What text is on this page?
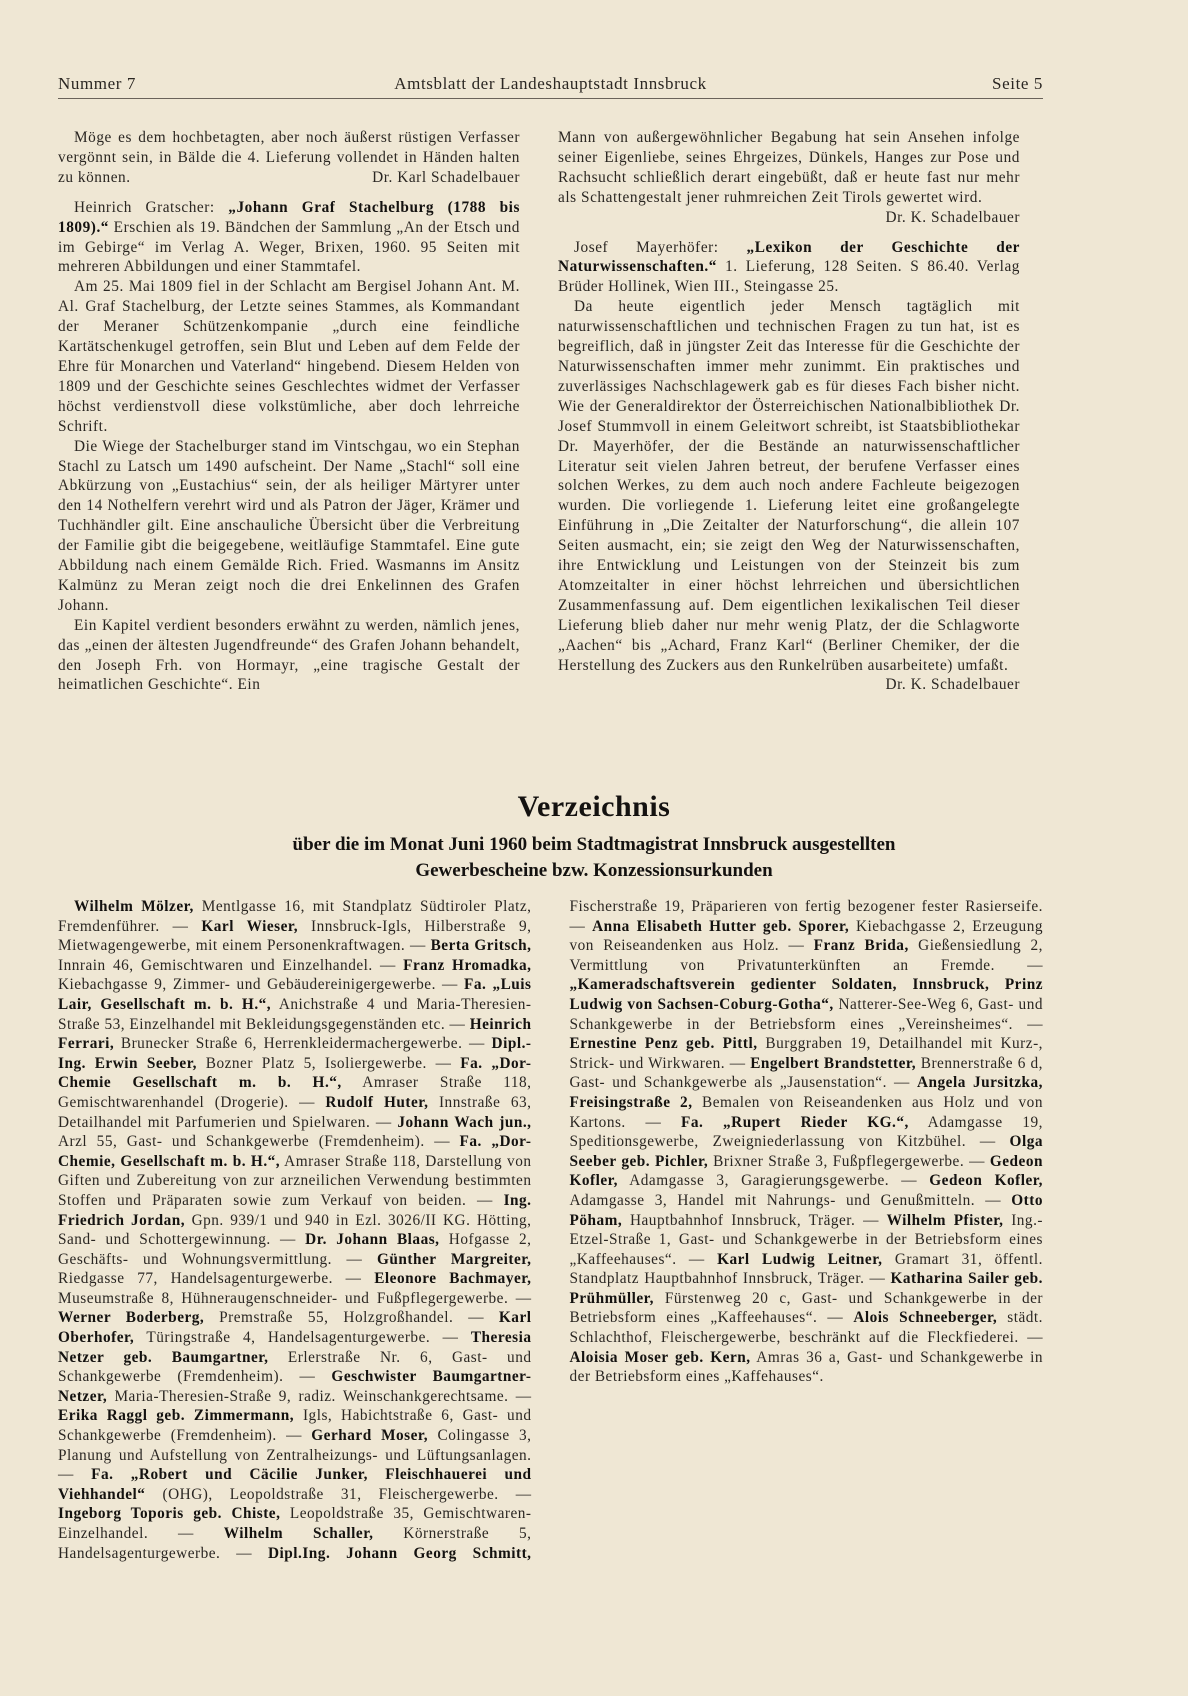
Nummer 7	Amtsblatt der Landeshauptstadt Innsbruck	Seite 5

Möge es dem hochbetagten, aber noch äußerst rüstigen Verfasser vergönnt sein, in Bälde die 4. Lieferung vollendet in Händen halten zu können.	Dr. Karl Schadelbauer

Heinrich Gratscher: „Johann Graf Stachelburg (1788 bis 1809).“ Erschien als 19. Bändchen der Sammlung „An der Etsch und im Gebirge“ im Verlag A. Weger, Brixen, 1960. 95 Seiten mit mehreren Abbildungen und einer Stammtafel.

Am 25. Mai 1809 fiel in der Schlacht am Bergisel Johann Ant. M. Al. Graf Stachelburg, der Letzte seines Stammes, als Kommandant der Meraner Schützenkompanie „durch eine feindliche Kartätschenkugel getroffen, sein Blut und Leben auf dem Felde der Ehre für Monarchen und Vaterland“ hingebend. Diesem Helden von 1809 und der Geschichte seines Geschlechtes widmet der Verfasser höchst verdienstvoll diese volkstümliche, aber doch lehrreiche Schrift.

Die Wiege der Stachelburger stand im Vintschgau, wo ein Stephan Stachl zu Latsch um 1490 aufscheint. Der Name „Stachl“ soll eine Abkürzung von „Eustachius“ sein, der als heiliger Märtyrer unter den 14 Nothelfern verehrt wird und als Patron der Jäger, Krämer und Tuchhändler gilt. Eine anschauliche Übersicht über die Verbreitung der Familie gibt die beigegebene, weitläufige Stammtafel. Eine gute Abbildung nach einem Gemälde Rich. Fried. Wasmanns im Ansitz Kalmünz zu Meran zeigt noch die drei Enkelinnen des Grafen Johann.

Ein Kapitel verdient besonders erwähnt zu werden, nämlich jenes, das „einen der ältesten Jugendfreunde“ des Grafen Johann behandelt, den Joseph Frh. von Hormayr, „eine tragische Gestalt der heimatlichen Geschichte“. Ein

Mann von außergewöhnlicher Begabung hat sein Ansehen infolge seiner Eigenliebe, seines Ehrgeizes, Dünkels, Hanges zur Pose und Rachsucht schließlich derart eingebüßt, daß er heute fast nur mehr als Schattengestalt jener ruhmreichen Zeit Tirols gewertet wird.
Dr. K. Schadelbauer

Josef Mayerhöfer: „Lexikon der Geschichte der Naturwissenschaften.“ 1. Lieferung, 128 Seiten. S 86.40. Verlag Brüder Hollinek, Wien III., Steingasse 25.

Da heute eigentlich jeder Mensch tagtäglich mit naturwissenschaftlichen und technischen Fragen zu tun hat, ist es begreiflich, daß in jüngster Zeit das Interesse für die Geschichte der Naturwissenschaften immer mehr zunimmt. Ein praktisches und zuverlässiges Nachschlagewerk gab es für dieses Fach bisher nicht. Wie der Generaldirektor der Österreichischen Nationalbibliothek Dr. Josef Stummvoll in einem Geleitwort schreibt, ist Staatsbibliothekar Dr. Mayerhöfer, der die Bestände an naturwissenschaftlicher Literatur seit vielen Jahren betreut, der berufene Verfasser eines solchen Werkes, zu dem auch noch andere Fachleute beigezogen wurden. Die vorliegende 1. Lieferung leitet eine großangelegte Einführung in „Die Zeitalter der Naturforschung“, die allein 107 Seiten ausmacht, ein; sie zeigt den Weg der Naturwissenschaften, ihre Entwicklung und Leistungen von der Steinzeit bis zum Atomzeitalter in einer höchst lehrreichen und übersichtlichen Zusammenfassung auf. Dem eigentlichen lexikalischen Teil dieser Lieferung blieb daher nur mehr wenig Platz, der die Schlagworte „Aachen“ bis „Achard, Franz Karl“ (Berliner Chemiker, der die Herstellung des Zuckers aus den Runkelrüben ausarbeitete) umfaßt.
Dr. K. Schadelbauer

Verzeichnis
über die im Monat Juni 1960 beim Stadtmagistrat Innsbruck ausgestellten
Gewerbescheine bzw. Konzessionsurkunden
Wilhelm Mölzer, Mentlgasse 16, mit Standplatz Südtiroler Platz, Fremdenführer. — Karl Wieser, Innsbruck-Igls, Hilberstraße 9, Mietwagengewerbe, mit einem Personenkraftwagen. — Berta Gritsch, Innrain 46, Gemischtwaren und Einzelhandel. — Franz Hromadka, Kiebachgasse 9, Zimmer- und Gebäudereinigergewerbe. — Fa. „Luis Lair, Gesellschaft m. b. H.“, Anichstraße 4 und Maria-Theresien-Straße 53, Einzelhandel mit Bekleidungsgegenständen etc. — Heinrich Ferrari, Brunecker Straße 6, Herrenkleidermachergewerbe. — Dipl.-Ing. Erwin Seeber, Bozner Platz 5, Isoliergewerbe. — Fa. „Dor-Chemie Gesellschaft m. b. H.“, Amraser Straße 118, Gemischtwarenhandel (Drogerie). — Rudolf Huter, Innstraße 63, Detailhandel mit Parfumerien und Spielwaren. — Johann Wach jun., Arzl 55, Gast- und Schankgewerbe (Fremdenheim). — Fa. „Dor-Chemie, Gesellschaft m. b. H.“, Amraser Straße 118, Darstellung von Giften und Zubereitung von zur arzneilichen Verwendung bestimmten Stoffen und Präparaten sowie zum Verkauf von beiden. — Ing. Friedrich Jordan, Gpn. 939/1 und 940 in Ezl. 3026/II KG. Hötting, Sand- und Schottergewinnung. — Dr. Johann Blaas, Hofgasse 2, Geschäfts- und Wohnungsvermittlung. — Günther Margreiter, Riedgasse 77, Handelsagenturgewerbe. — Eleonore Bachmayer, Museumstraße 8, Hühneraugenschneider- und Fußpflegergewerbe. — Werner Boderberg, Premstraße 55, Holzgroßhandel. — Karl Oberhofer, Türingstraße 4, Handelsagenturgewerbe. — Theresia Netzer geb. Baumgartner, Erlerstraße Nr. 6, Gast- und Schankgewerbe (Fremdenheim). — Geschwister Baumgartner-Netzer, Maria-Theresien-Straße 9, radiz. Weinschankgerechtsame. — Erika Raggl geb. Zimmermann, Igls, Habichtstraße 6, Gast- und Schankgewerbe (Fremdenheim). — Gerhard Moser, Colingasse 3, Planung und Aufstellung von Zentralheizungs- und Lüftungsanlagen. — Fa. „Robert und Cäcilie Junker, Fleischhauerei und Viehhandel“ (OHG), Leopoldstraße 31, Fleischergewerbe. — Ingeborg Toporis geb. Chiste, Leopoldstraße 35, Gemischtwaren-Einzelhandel. — Wilhelm Schaller, Körnerstraße 5, Handelsagenturgewerbe. — Dipl.Ing. Johann Georg Schmitt, Fischerstraße 19, Präparieren von fertig bezogener fester Rasierseife. — Anna Elisabeth Hutter geb. Sporer, Kiebachgasse 2, Erzeugung von Reiseandenken aus Holz. — Franz Brida, Gießensiedlung 2, Vermittlung von Privatunterkünften an Fremde. — „Kameradschaftsverein gedienter Soldaten, Innsbruck, Prinz Ludwig von Sachsen-Coburg-Gotha“, Natterer-See-Weg 6, Gast- und Schankgewerbe in der Betriebsform eines „Vereinsheimes“. — Ernestine Penz geb. Pittl, Burggraben 19, Detailhandel mit Kurz-, Strick- und Wirkwaren. — Engelbert Brandstetter, Brennerstraße 6 d, Gast- und Schankgewerbe als „Jausenstation“. — Angela Jursitzka, Freisingstraße 2, Bemalen von Reiseandenken aus Holz und von Kartons. — Fa. „Rupert Rieder KG.“, Adamgasse 19, Speditionsgewerbe, Zweigniederlassung von Kitzbühel. — Olga Seeber geb. Pichler, Brixner Straße 3, Fußpflegergewerbe. — Gedeon Kofler, Adamgasse 3, Garagierungsgewerbe. — Gedeon Kofler, Adamgasse 3, Handel mit Nahrungs- und Genußmitteln. — Otto Pöham, Hauptbahnhof Innsbruck, Träger. — Wilhelm Pfister, Ing.-Etzel-Straße 1, Gast- und Schankgewerbe in der Betriebsform eines „Kaffeehauses“. — Karl Ludwig Leitner, Gramart 31, öffentl. Standplatz Hauptbahnhof Innsbruck, Träger. — Katharina Sailer geb. Prühmüller, Fürstenweg 20 c, Gast- und Schankgewerbe in der Betriebsform eines „Kaffeehauses“. — Alois Schneeberger, städt. Schlachthof, Fleischergewerbe, beschränkt auf die Fleckfiederei. — Aloisia Moser geb. Kern, Amras 36 a, Gast- und Schankgewerbe in der Betriebsform eines „Kaffehauses“.
